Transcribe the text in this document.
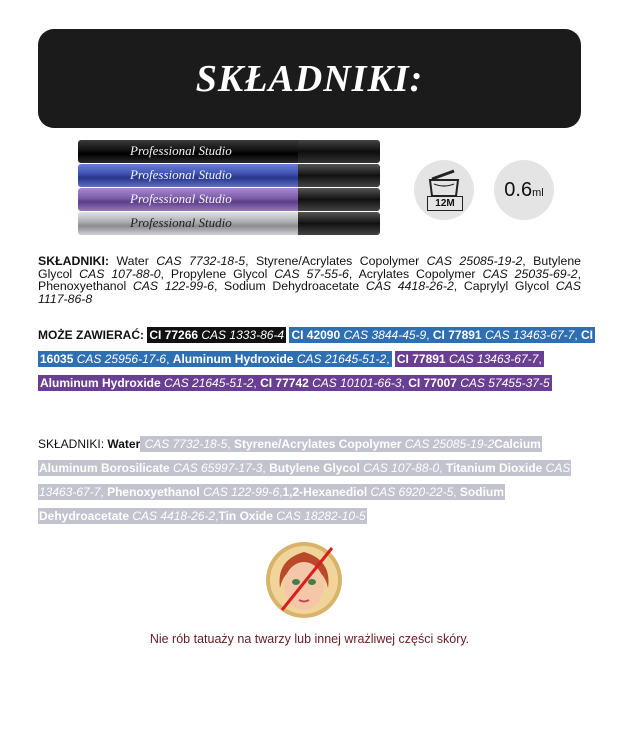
SKŁADNIKI:
Professional Studio
Professional Studio
Professional Studio
Professional Studio
12M
0.6 ml
SKŁADNIKI: Water CAS 7732-18-5, Styrene/Acrylates Copolymer CAS 25085-19-2, Butylene Glycol CAS 107-88-0, Propylene Glycol CAS 57-55-6, Acrylates Copolymer CAS 25035-69-2, Phenoxyethanol CAS 122-99-6, Sodium Dehydroacetate CAS 4418-26-2, Caprylyl Glycol CAS 1117-86-8
MOŻE ZAWIERAĆ: CI 77266 CAS 1333-86-4 CI 42090 CAS 3844-45-9, CI 77891 CAS 13463-67-7, CI 16035 CAS 25956-17-6, Aluminum Hydroxide CAS 21645-51-2, CI 77891 CAS 13463-67-7, Aluminum Hydroxide CAS 21645-51-2, CI 77742 CAS 10101-66-3, CI 77007 CAS 57455-37-5
SKŁADNIKI: Water CAS 7732-18-5, Styrene/Acrylates Copolymer CAS 25085-19-2Calcium Aluminum Borosilicate CAS 65997-17-3, Butylene Glycol CAS 107-88-0, Titanium Dioxide CAS 13463-67-7, Phenoxyethanol CAS 122-99-6,1,2-Hexanediol CAS 6920-22-5, Sodium Dehydroacetate CAS 4418-26-2,Tin Oxide CAS 18282-10-5
Nie rób tatuaży na twarzy lub innej wrażliwej części skóry.
